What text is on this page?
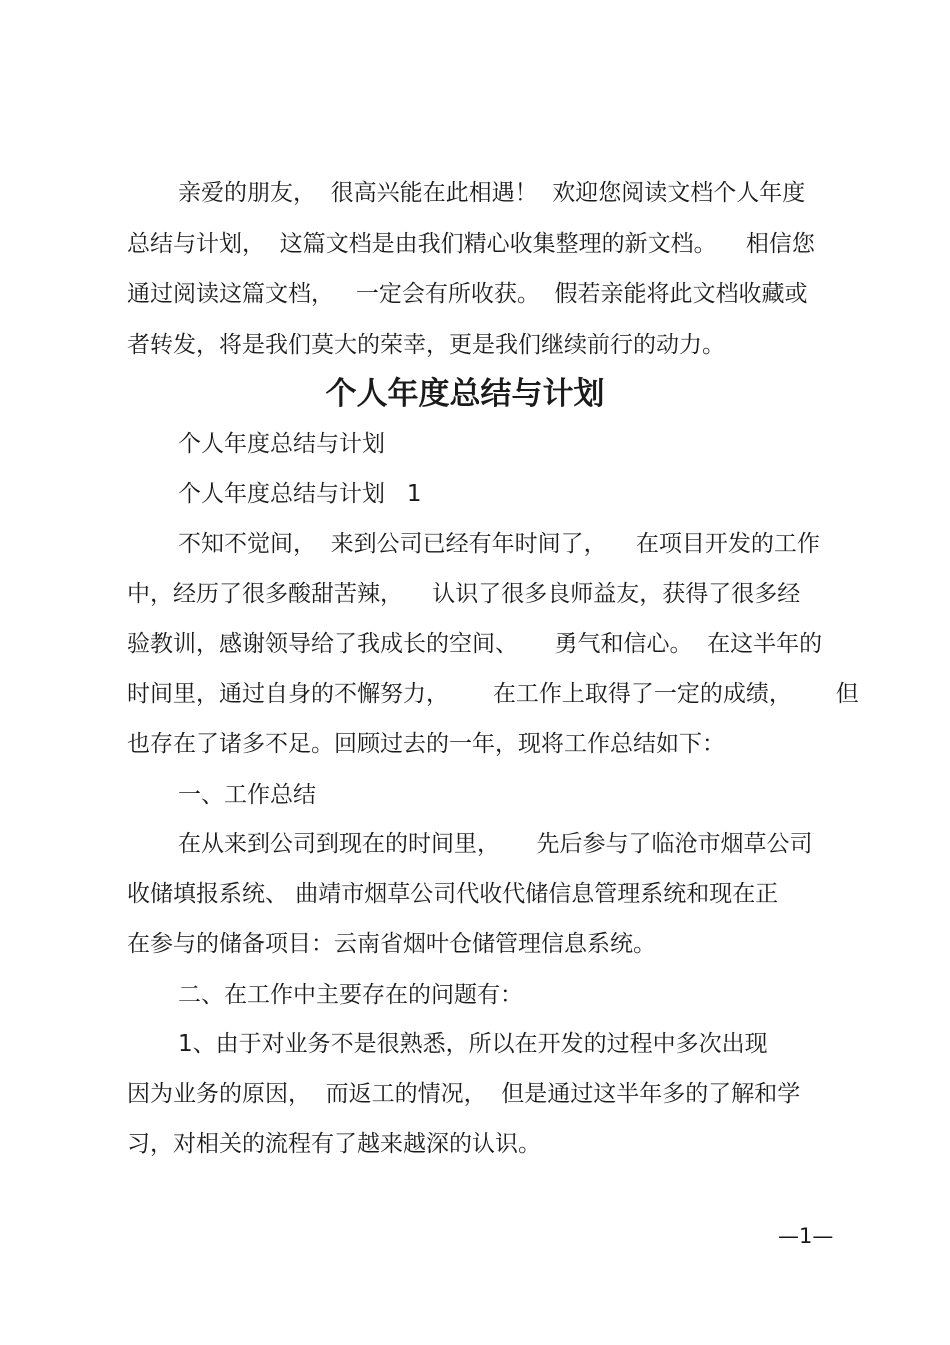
亲爱的朋友，  很高兴能在此相遇！  欢迎您阅读文档个人年度

总结与计划，  这篇文档是由我们精心收集整理的新文档。    相信您

通过阅读这篇文档，   一定会有所收获。  假若亲能将此文档收藏或

者转发，将是我们莫大的荣幸，更是我们继续前行的动力。

个人年度总结与计划

个人年度总结与计划

个人年度总结与计划   1

不知不觉间，  来到公司已经有年时间了，    在项目开发的工作

中，经历了很多酸甜苦辣，    认识了很多良师益友，获得了很多经

验教训，感谢领导给了我成长的空间、     勇气和信心。  在这半年的

时间里，通过自身的不懈努力，      在工作上取得了一定的成绩，      但

也存在了诸多不足。回顾过去的一年，现将工作总结如下：

一、工作总结

在从来到公司到现在的时间里，     先后参与了临沧市烟草公司

收储填报系统、 曲靖市烟草公司代收代储信息管理系统和现在正

在参与的储备项目：云南省烟叶仓储管理信息系统。

二、在工作中主要存在的问题有：

1、由于对业务不是很熟悉，所以在开发的过程中多次出现

因为业务的原因，  而返工的情况，  但是通过这半年多的了解和学

习，对相关的流程有了越来越深的认识。

—1—
